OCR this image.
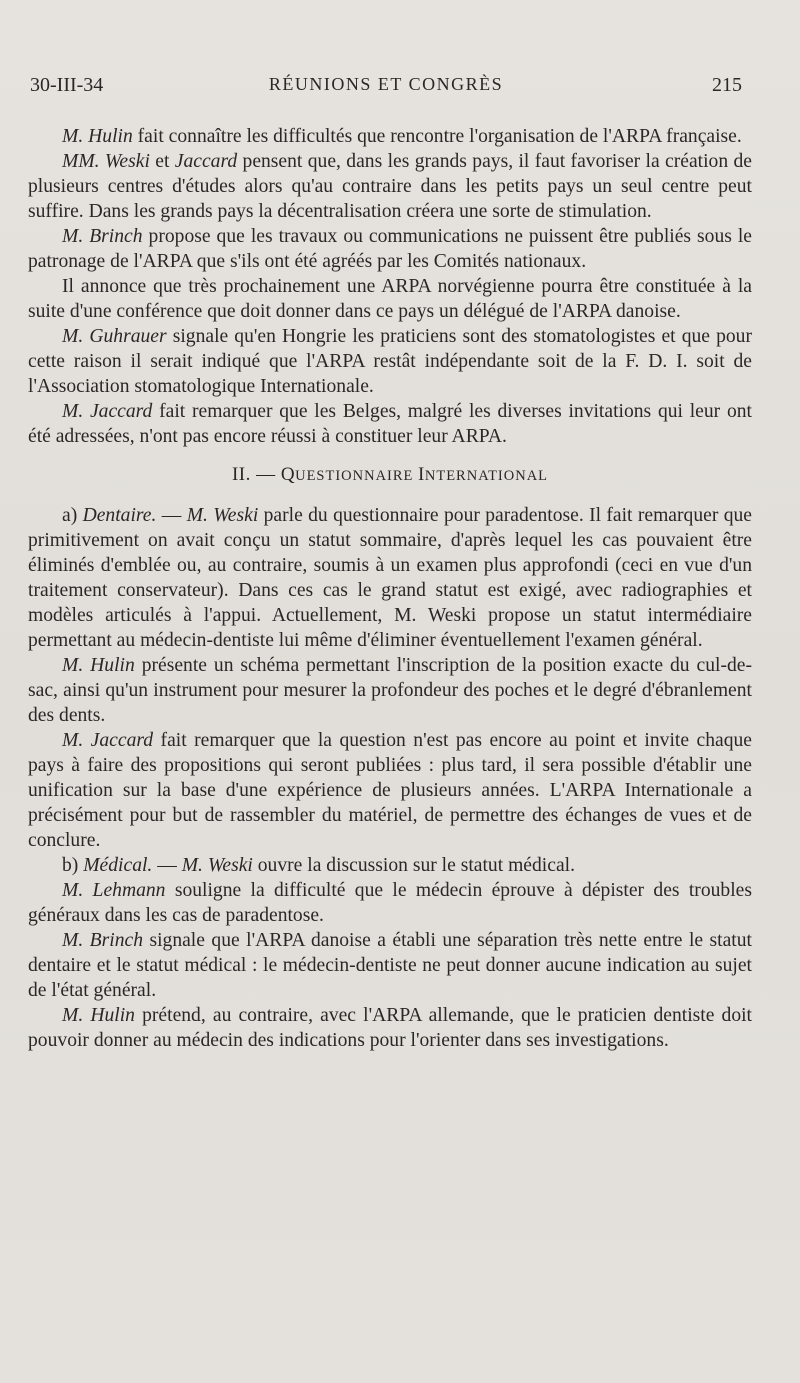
30-III-34	RÉUNIONS ET CONGRÈS	215

M. Hulin fait connaître les difficultés que rencontre l'organisation de l'ARPA française.

MM. Weski et Jaccard pensent que, dans les grands pays, il faut favoriser la création de plusieurs centres d'études alors qu'au contraire dans les petits pays un seul centre peut suffire. Dans les grands pays la décentralisation créera une sorte de stimulation.

M. Brinch propose que les travaux ou communications ne puissent être publiés sous le patronage de l'ARPA que s'ils ont été agréés par les Comités nationaux.

Il annonce que très prochainement une ARPA norvégienne pourra être constituée à la suite d'une conférence que doit donner dans ce pays un délégué de l'ARPA danoise.

M. Guhrauer signale qu'en Hongrie les praticiens sont des stomatologistes et que pour cette raison il serait indiqué que l'ARPA restât indépendante soit de la F. D. I. soit de l'Association stomatologique Internationale.

M. Jaccard fait remarquer que les Belges, malgré les diverses invitations qui leur ont été adressées, n'ont pas encore réussi à constituer leur ARPA.

II. — QUESTIONNAIRE INTERNATIONAL

a) Dentaire. — M. Weski parle du questionnaire pour paradentose. Il fait remarquer que primitivement on avait conçu un statut sommaire, d'après lequel les cas pouvaient être éliminés d'emblée ou, au contraire, soumis à un examen plus approfondi (ceci en vue d'un traitement conservateur). Dans ces cas le grand statut est exigé, avec radiographies et modèles articulés à l'appui. Actuellement, M. Weski propose un statut intermédiaire permettant au médecin-dentiste lui même d'éliminer éventuellement l'examen général.

M. Hulin présente un schéma permettant l'inscription de la position exacte du cul-de-sac, ainsi qu'un instrument pour mesurer la profondeur des poches et le degré d'ébranlement des dents.

M. Jaccard fait remarquer que la question n'est pas encore au point et invite chaque pays à faire des propositions qui seront publiées : plus tard, il sera possible d'établir une unification sur la base d'une expérience de plusieurs années. L'ARPA Internationale a précisément pour but de rassembler du matériel, de permettre des échanges de vues et de conclure.

b) Médical. — M. Weski ouvre la discussion sur le statut médical.

M. Lehmann souligne la difficulté que le médecin éprouve à dépister des troubles généraux dans les cas de paradentose.

M. Brinch signale que l'ARPA danoise a établi une séparation très nette entre le statut dentaire et le statut médical : le médecin-dentiste ne peut donner aucune indication au sujet de l'état général.

M. Hulin prétend, au contraire, avec l'ARPA allemande, que le praticien dentiste doit pouvoir donner au médecin des indications pour l'orienter dans ses investigations.
